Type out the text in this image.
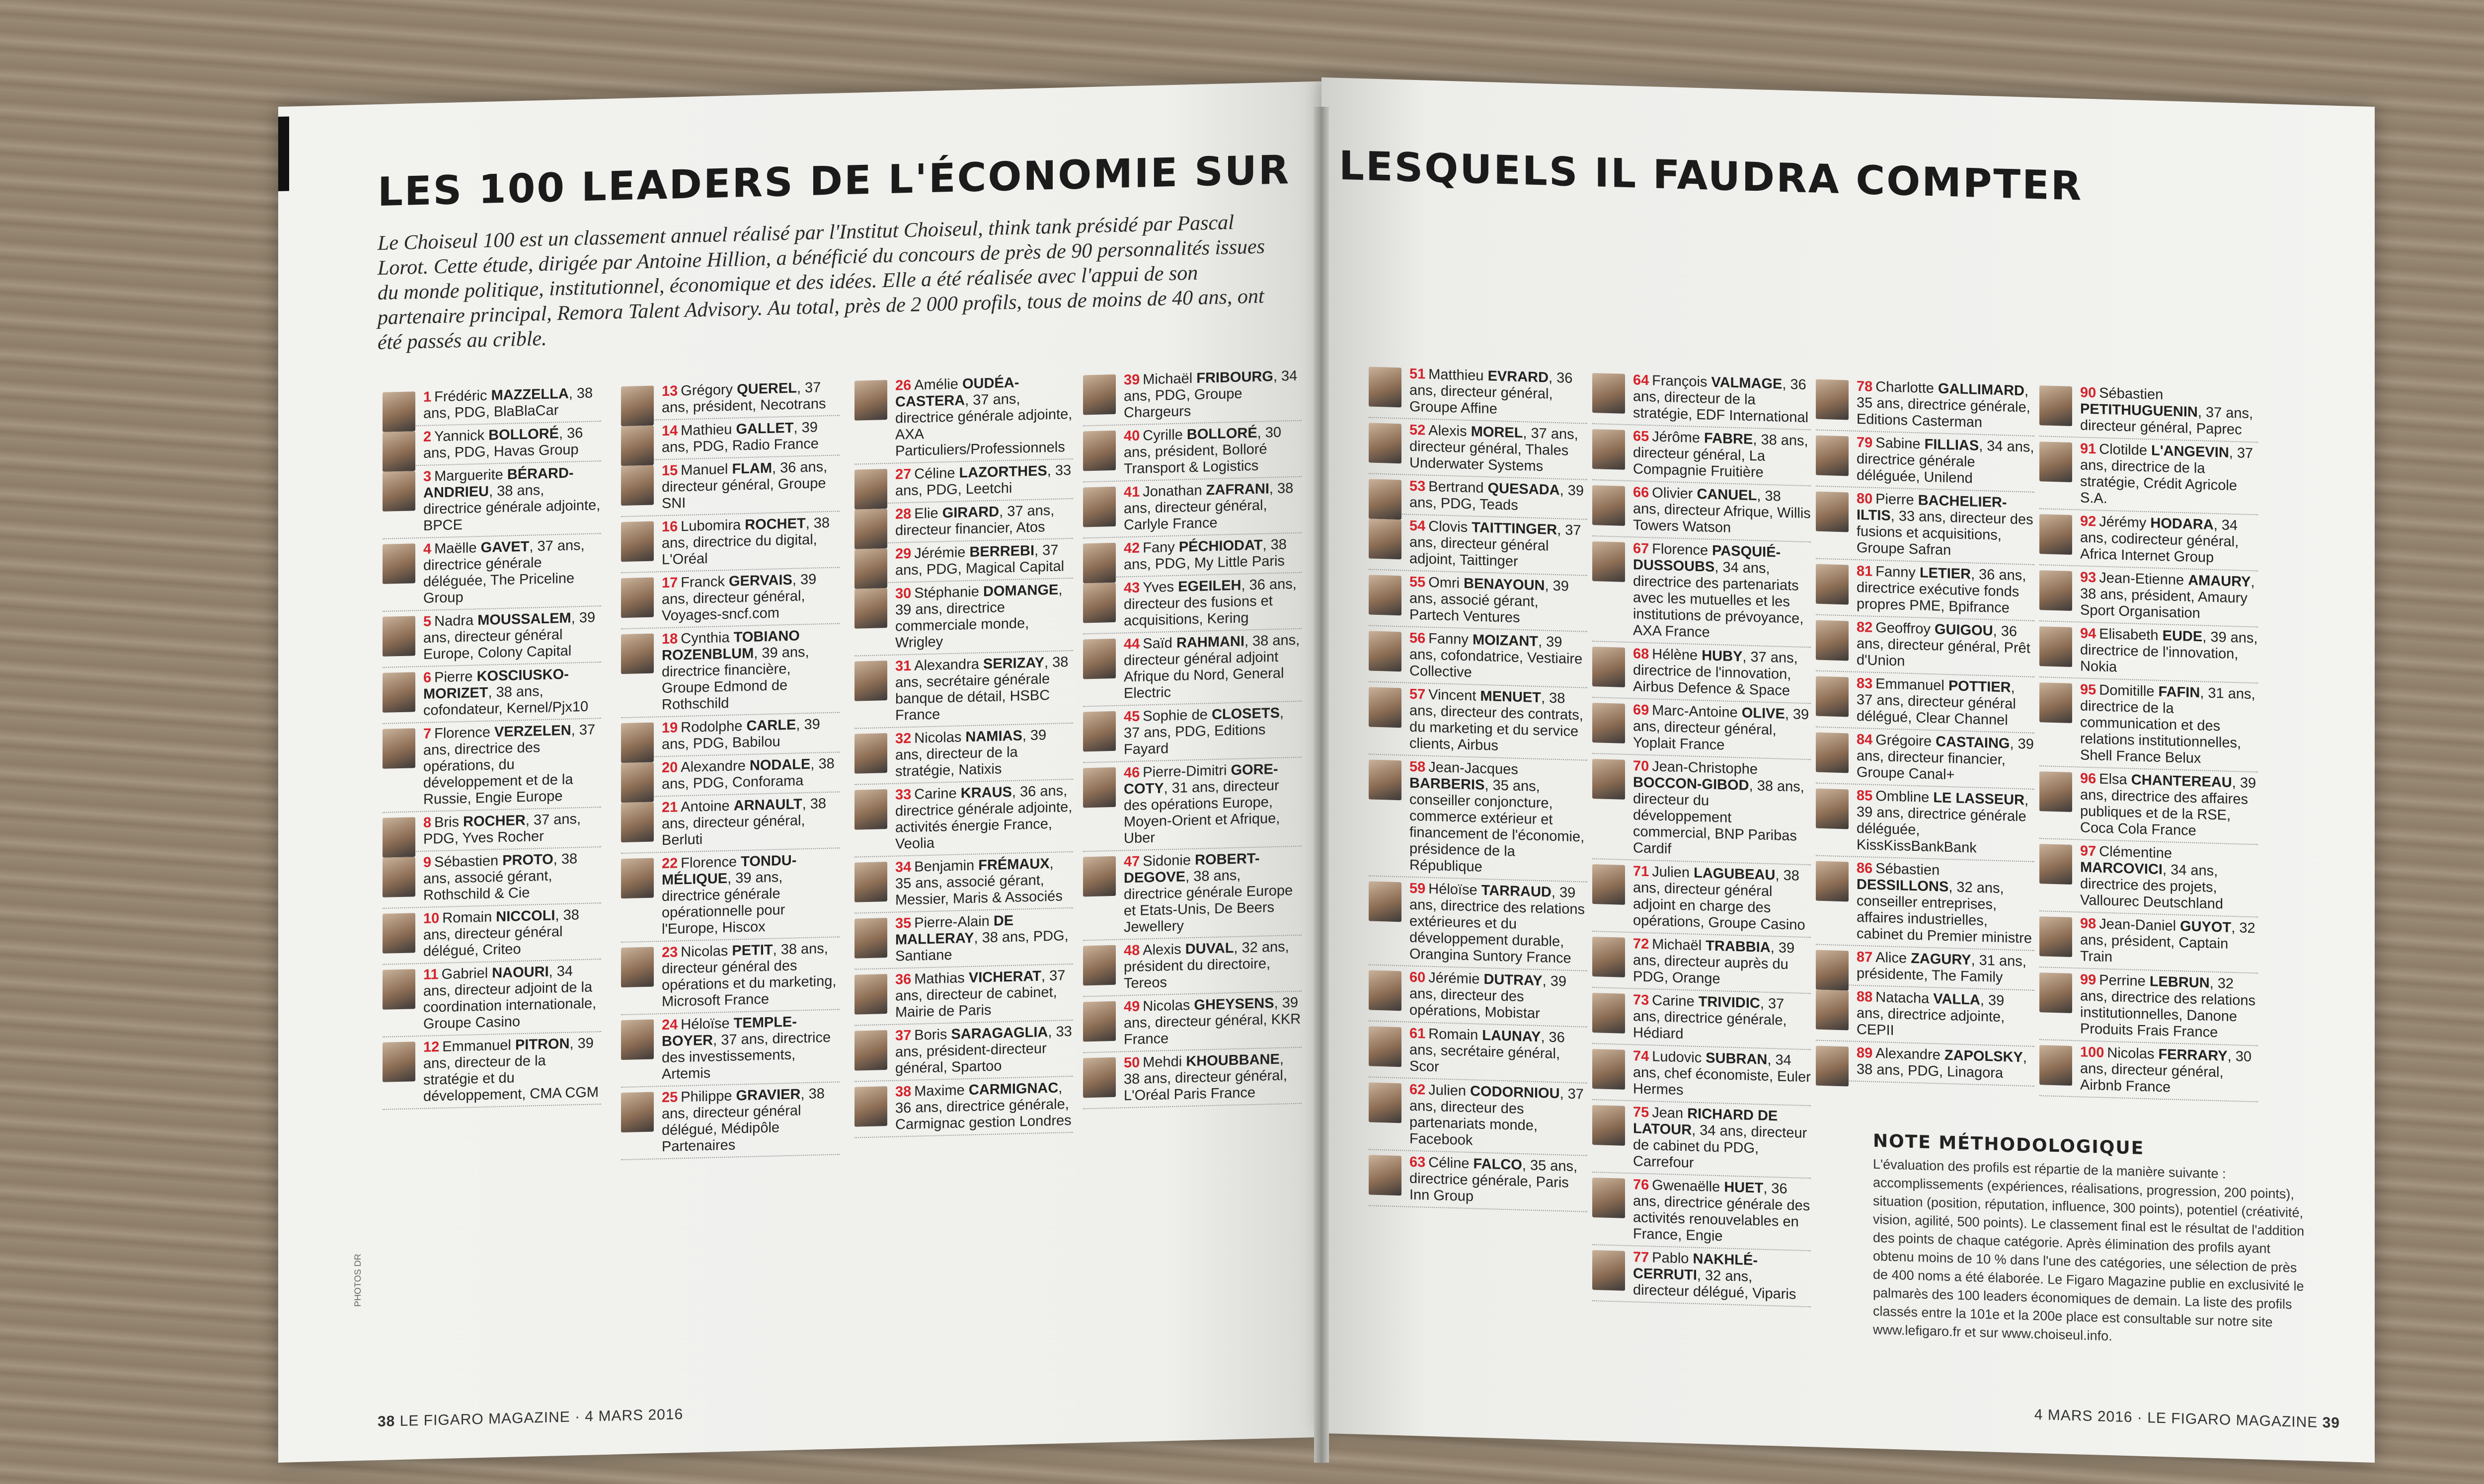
LES 100 LEADERS DE L'ÉCONOMIE SUR
Le Choiseul 100 est un classement annuel réalisé par l'Institut Choiseul, think tank présidé par Pascal Lorot. Cette étude, dirigée par Antoine Hillion, a bénéficié du concours de près de 90 personnalités issues du monde politique, institutionnel, économique et des idées. Elle a été réalisée avec l'appui de son partenaire principal, Remora Talent Advisory. Au total, près de 2 000 profils, tous de moins de 40 ans, ont été passés au crible.
PHOTOS DR
1 Frédéric MAZZELLA, 38 ans, PDG, BlaBlaCar
2 Yannick BOLLORÉ, 36 ans, PDG, Havas Group
3 Marguerite BÉRARD-ANDRIEU, 38 ans, directrice générale adjointe, BPCE
4 Maëlle GAVET, 37 ans, directrice générale déléguée, The Priceline Group
5 Nadra MOUSSALEM, 39 ans, directeur général Europe, Colony Capital
6 Pierre KOSCIUSKO-MORIZET, 38 ans, cofondateur, Kernel/Pjx10
7 Florence VERZELEN, 37 ans, directrice des opérations, du développement et de la Russie, Engie Europe
8 Bris ROCHER, 37 ans, PDG, Yves Rocher
9 Sébastien PROTO, 38 ans, associé gérant, Rothschild & Cie
10 Romain NICCOLI, 38 ans, directeur général délégué, Criteo
11 Gabriel NAOURI, 34 ans, directeur adjoint de la coordination internationale, Groupe Casino
12 Emmanuel PITRON, 39 ans, directeur de la stratégie et du développement, CMA CGM
13 Grégory QUEREL, 37 ans, président, Necotrans
14 Mathieu GALLET, 39 ans, PDG, Radio France
15 Manuel FLAM, 36 ans, directeur général, Groupe SNI
16 Lubomira ROCHET, 38 ans, directrice du digital, L'Oréal
17 Franck GERVAIS, 39 ans, directeur général, Voyages-sncf.com
18 Cynthia TOBIANO ROZENBLUM, 39 ans, directrice financière, Groupe Edmond de Rothschild
19 Rodolphe CARLE, 39 ans, PDG, Babilou
20 Alexandre NODALE, 38 ans, PDG, Conforama
21 Antoine ARNAULT, 38 ans, directeur général, Berluti
22 Florence TONDU-MÉLIQUE, 39 ans, directrice générale opérationnelle pour l'Europe, Hiscox
23 Nicolas PETIT, 38 ans, directeur général des opérations et du marketing, Microsoft France
24 Héloïse TEMPLE-BOYER, 37 ans, directrice des investissements, Artemis
25 Philippe GRAVIER, 38 ans, directeur général délégué, Médipôle Partenaires
26 Amélie OUDÉA-CASTERA, 37 ans, directrice générale adjointe, AXA Particuliers/Professionnels
27 Céline LAZORTHES, 33 ans, PDG, Leetchi
28 Elie GIRARD, 37 ans, directeur financier, Atos
29 Jérémie BERREBI, 37 ans, PDG, Magical Capital
30 Stéphanie DOMANGE, 39 ans, directrice commerciale monde, Wrigley
31 Alexandra SERIZAY, 38 ans, secrétaire générale banque de détail, HSBC France
32 Nicolas NAMIAS, 39 ans, directeur de la stratégie, Natixis
33 Carine KRAUS, 36 ans, directrice générale adjointe, activités énergie France, Veolia
34 Benjamin FRÉMAUX, 35 ans, associé gérant, Messier, Maris & Associés
35 Pierre-Alain DE MALLERAY, 38 ans, PDG, Santiane
36 Mathias VICHERAT, 37 ans, directeur de cabinet, Mairie de Paris
37 Boris SARAGAGLIA, 33 ans, président-directeur général, Spartoo
38 Maxime CARMIGNAC, 36 ans, directrice générale, Carmignac gestion Londres
39 Michaël FRIBOURG, 34 ans, PDG, Groupe Chargeurs
40 Cyrille BOLLORÉ, 30 ans, président, Bolloré Transport & Logistics
41 Jonathan ZAFRANI, 38 ans, directeur général, Carlyle France
42 Fany PÉCHIODAT, 38 ans, PDG, My Little Paris
43 Yves EGEILEH, 36 ans, directeur des fusions et acquisitions, Kering
44 Saïd RAHMANI, 38 ans, directeur général adjoint Afrique du Nord, General Electric
45 Sophie de CLOSETS, 37 ans, PDG, Editions Fayard
46 Pierre-Dimitri GORE-COTY, 31 ans, directeur des opérations Europe, Moyen-Orient et Afrique, Uber
47 Sidonie ROBERT-DEGOVE, 38 ans, directrice générale Europe et Etats-Unis, De Beers Jewellery
48 Alexis DUVAL, 32 ans, président du directoire, Tereos
49 Nicolas GHEYSENS, 39 ans, directeur général, KKR France
50 Mehdi KHOUBBANE, 38 ans, directeur général, L'Oréal Paris France
38 LE FIGARO MAGAZINE · 4 MARS 2016
LESQUELS IL FAUDRA COMPTER
51 Matthieu EVRARD, 36 ans, directeur général, Groupe Affine
52 Alexis MOREL, 37 ans, directeur général, Thales Underwater Systems
53 Bertrand QUESADA, 39 ans, PDG, Teads
54 Clovis TAITTINGER, 37 ans, directeur général adjoint, Taittinger
55 Omri BENAYOUN, 39 ans, associé gérant, Partech Ventures
56 Fanny MOIZANT, 39 ans, cofondatrice, Vestiaire Collective
57 Vincent MENUET, 38 ans, directeur des contrats, du marketing et du service clients, Airbus
58 Jean-Jacques BARBERIS, 35 ans, conseiller conjoncture, commerce extérieur et financement de l'économie, présidence de la République
59 Héloïse TARRAUD, 39 ans, directrice des relations extérieures et du développement durable, Orangina Suntory France
60 Jérémie DUTRAY, 39 ans, directeur des opérations, Mobistar
61 Romain LAUNAY, 36 ans, secrétaire général, Scor
62 Julien CODORNIOU, 37 ans, directeur des partenariats monde, Facebook
63 Céline FALCO, 35 ans, directrice générale, Paris Inn Group
64 François VALMAGE, 36 ans, directeur de la stratégie, EDF International
65 Jérôme FABRE, 38 ans, directeur général, La Compagnie Fruitière
66 Olivier CANUEL, 38 ans, directeur Afrique, Willis Towers Watson
67 Florence PASQUIÉ-DUSSOUBS, 34 ans, directrice des partenariats avec les mutuelles et les institutions de prévoyance, AXA France
68 Hélène HUBY, 37 ans, directrice de l'innovation, Airbus Defence & Space
69 Marc-Antoine OLIVE, 39 ans, directeur général, Yoplait France
70 Jean-Christophe BOCCON-GIBOD, 38 ans, directeur du développement commercial, BNP Paribas Cardif
71 Julien LAGUBEAU, 38 ans, directeur général adjoint en charge des opérations, Groupe Casino
72 Michaël TRABBIA, 39 ans, directeur auprès du PDG, Orange
73 Carine TRIVIDIC, 37 ans, directrice générale, Hédiard
74 Ludovic SUBRAN, 34 ans, chef économiste, Euler Hermes
75 Jean RICHARD DE LATOUR, 34 ans, directeur de cabinet du PDG, Carrefour
76 Gwenaëlle HUET, 36 ans, directrice générale des activités renouvelables en France, Engie
77 Pablo NAKHLÉ-CERRUTI, 32 ans, directeur délégué, Viparis
78 Charlotte GALLIMARD, 35 ans, directrice générale, Editions Casterman
79 Sabine FILLIAS, 34 ans, directrice générale déléguée, Unilend
80 Pierre BACHELIER-ILTIS, 33 ans, directeur des fusions et acquisitions, Groupe Safran
81 Fanny LETIER, 36 ans, directrice exécutive fonds propres PME, Bpifrance
82 Geoffroy GUIGOU, 36 ans, directeur général, Prêt d'Union
83 Emmanuel POTTIER, 37 ans, directeur général délégué, Clear Channel
84 Grégoire CASTAING, 39 ans, directeur financier, Groupe Canal+
85 Ombline LE LASSEUR, 39 ans, directrice générale déléguée, KissKissBankBank
86 Sébastien DESSILLONS, 32 ans, conseiller entreprises, affaires industrielles, cabinet du Premier ministre
87 Alice ZAGURY, 31 ans, présidente, The Family
88 Natacha VALLA, 39 ans, directrice adjointe, CEPII
89 Alexandre ZAPOLSKY, 38 ans, PDG, Linagora
90 Sébastien PETITHUGUENIN, 37 ans, directeur général, Paprec
91 Clotilde L'ANGEVIN, 37 ans, directrice de la stratégie, Crédit Agricole S.A.
92 Jérémy HODARA, 34 ans, codirecteur général, Africa Internet Group
93 Jean-Etienne AMAURY, 38 ans, président, Amaury Sport Organisation
94 Elisabeth EUDE, 39 ans, directrice de l'innovation, Nokia
95 Domitille FAFIN, 31 ans, directrice de la communication et des relations institutionnelles, Shell France Belux
96 Elsa CHANTEREAU, 39 ans, directrice des affaires publiques et de la RSE, Coca Cola France
97 Clémentine MARCOVICI, 34 ans, directrice des projets, Vallourec Deutschland
98 Jean-Daniel GUYOT, 32 ans, président, Captain Train
99 Perrine LEBRUN, 32 ans, directrice des relations institutionnelles, Danone Produits Frais France
100 Nicolas FERRARY, 30 ans, directeur général, Airbnb France
NOTE MÉTHODOLOGIQUE
L'évaluation des profils est répartie de la manière suivante : accomplissements (expériences, réalisations, progression, 200 points), situation (position, réputation, influence, 300 points), potentiel (créativité, vision, agilité, 500 points). Le classement final est le résultat de l'addition des points de chaque catégorie. Après élimination des profils ayant obtenu moins de 10 % dans l'une des catégories, une sélection de près de 400 noms a été élaborée. Le Figaro Magazine publie en exclusivité le palmarès des 100 leaders économiques de demain. La liste des profils classés entre la 101e et la 200e place est consultable sur notre site www.lefigaro.fr et sur www.choiseul.info.
4 MARS 2016 · LE FIGARO MAGAZINE 39
